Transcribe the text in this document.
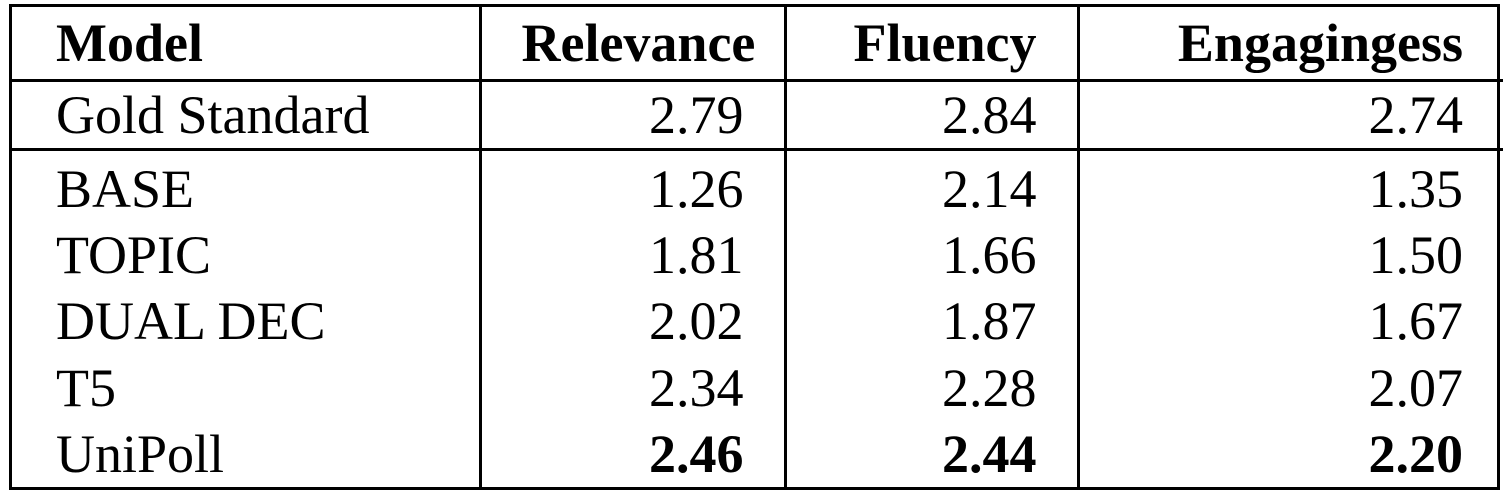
Model	Relevance	Fluency	Engagingess
Gold Standard	2.79	2.84	2.74
BASE	1.26	2.14	1.35
TOPIC	1.81	1.66	1.50
DUAL DEC	2.02	1.87	1.67
T5	2.34	2.28	2.07
UniPoll	2.46	2.44	2.20
